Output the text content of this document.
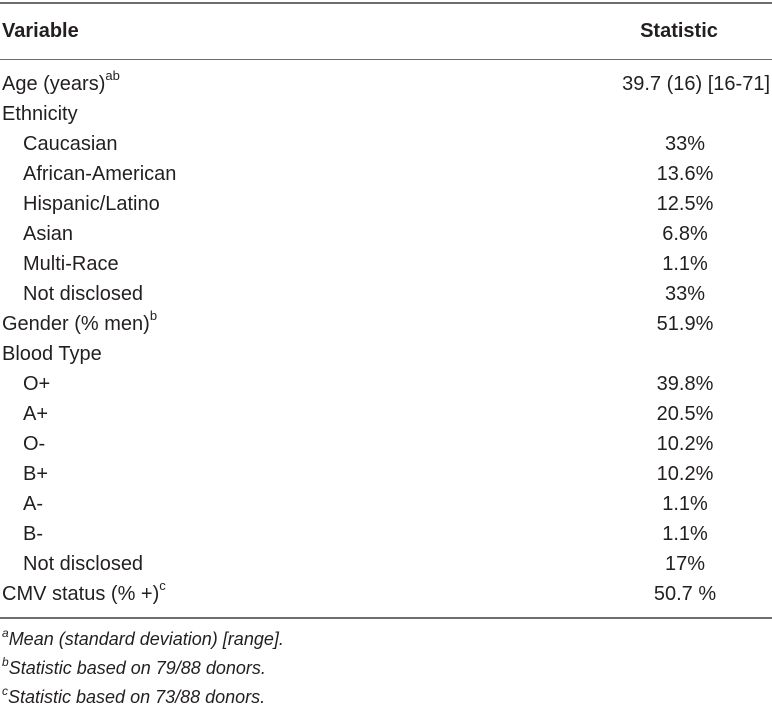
Variable	Statistic
Age (years)$^{ab}$	39.7 (16) [16-71]
Ethnicity
Caucasian	33%
African-American	13.6%
Hispanic/Latino	12.5%
Asian	6.8%
Multi-Race	1.1%
Not disclosed	33%
Gender (% men)$^b$	51.9%
Blood Type
O+	39.8%
A+	20.5%
O-	10.2%
B+	10.2%
A-	1.1%
B-	1.1%
Not disclosed	17%
CMV status (% +)$^c$	50.7 %
$^a$Mean (standard deviation) [range].
$^b$Statistic based on 79/88 donors.
$^c$Statistic based on 73/88 donors.
